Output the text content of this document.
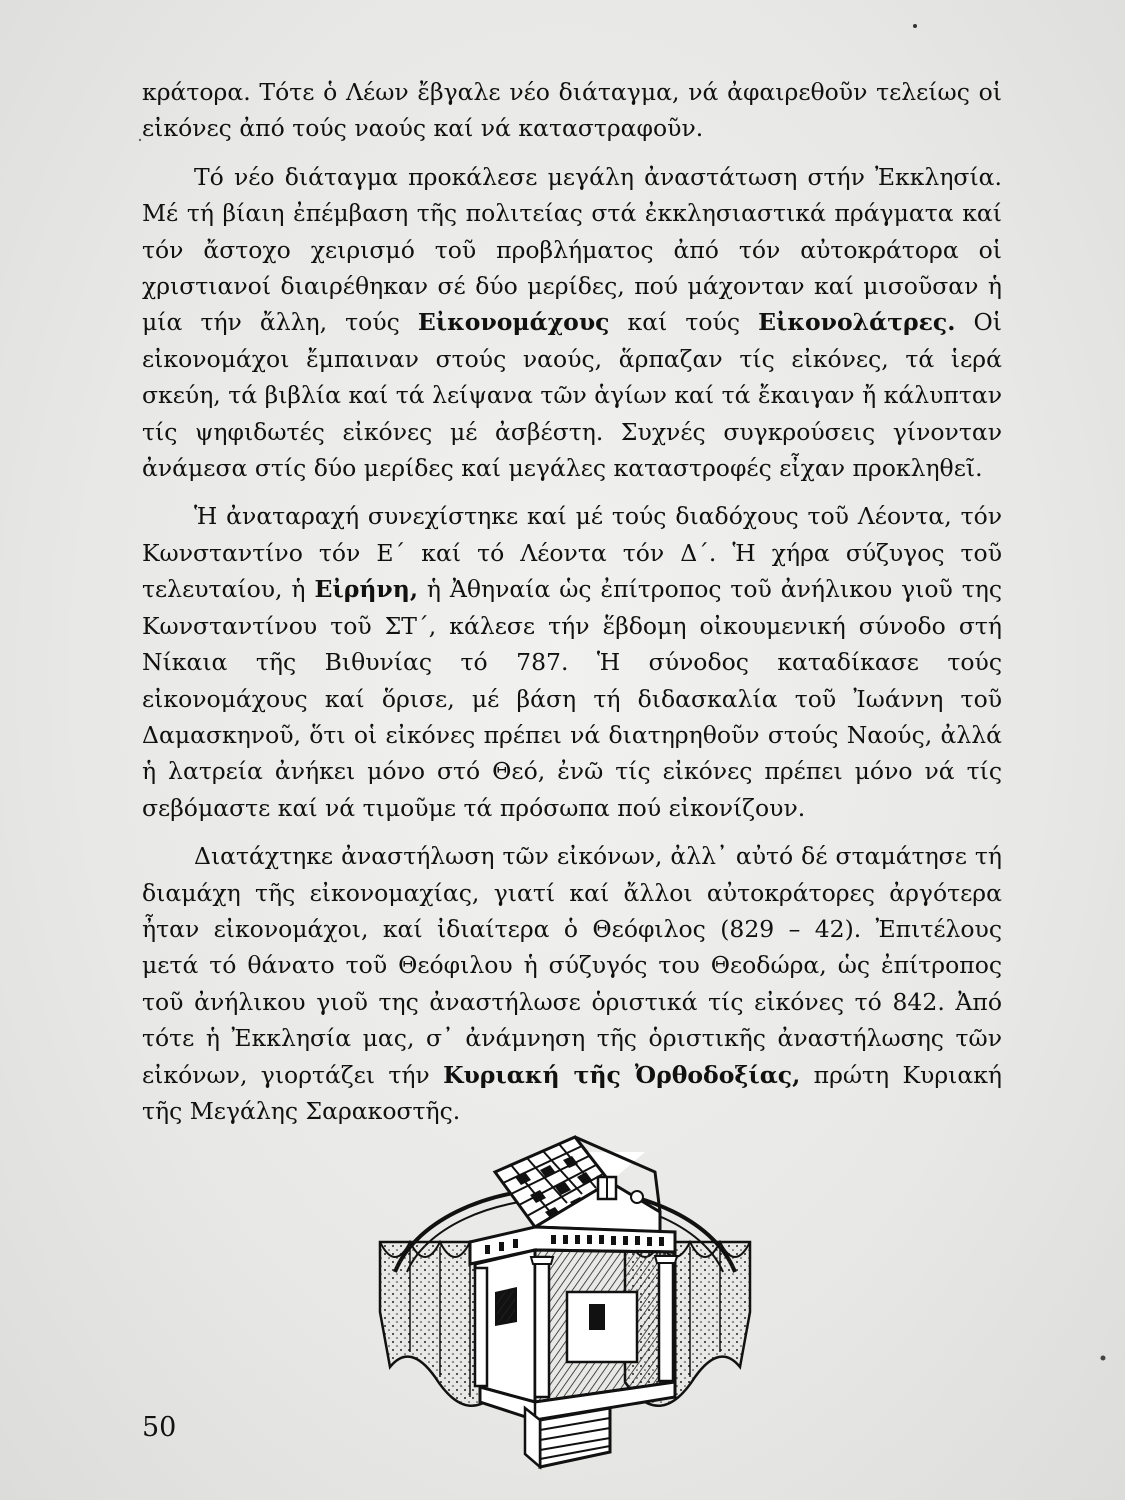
κράτορα. Τότε ὁ Λέων ἔβγαλε νέο διάταγμα, νά ἀφαιρεθοῦν τελείως οἱ εἰκόνες ἀπό τούς ναούς καί νά καταστραφοῦν.

Τό νέο διάταγμα προκάλεσε μεγάλη ἀναστάτωση στήν Ἐκκλησία. Μέ τή βίαιη ἐπέμβαση τῆς πολιτείας στά ἐκκλησιαστικά πράγματα καί τόν ἄστοχο χειρισμό τοῦ προβλήματος ἀπό τόν αὐτοκράτορα οἱ χριστιανοί διαιρέθηκαν σέ δύο μερίδες, πού μάχονταν καί μισοῦσαν ἡ μία τήν ἄλλη, τούς Εἰκονομάχους καί τούς Εἰκονολάτρες. Οἱ εἰκονομάχοι ἔμπαιναν στούς ναούς, ἅρπαζαν τίς εἰκόνες, τά ἱερά σκεύη, τά βιβλία καί τά λείψανα τῶν ἁγίων καί τά ἔκαιγαν ἤ κάλυπταν τίς ψηφιδωτές εἰκόνες μέ ἀσβέστη. Συχνές συγκρούσεις γίνονταν ἀνάμεσα στίς δύο μερίδες καί μεγάλες καταστροφές εἶχαν προκληθεῖ.

Ἡ ἀναταραχή συνεχίστηκε καί μέ τούς διαδόχους τοῦ Λέοντα, τόν Κωνσταντίνο τόν Ε΄ καί τό Λέοντα τόν Δ΄. Ἡ χήρα σύζυγος τοῦ τελευταίου, ἡ Εἰρήνη, ἡ Ἀθηναία ὡς ἐπίτροπος τοῦ ἀνήλικου γιοῦ της Κωνσταντίνου τοῦ ΣΤ΄, κάλεσε τήν ἕβδομη οἰκουμενική σύνοδο στή Νίκαια τῆς Βιθυνίας τό 787. Ἡ σύνοδος καταδίκασε τούς εἰκονομάχους καί ὅρισε, μέ βάση τή διδασκαλία τοῦ Ἰωάννη τοῦ Δαμασκηνοῦ, ὅτι οἱ εἰκόνες πρέπει νά διατηρηθοῦν στούς Ναούς, ἀλλά ἡ λατρεία ἀνήκει μόνο στό Θεό, ἐνῶ τίς εἰκόνες πρέπει μόνο νά τίς σεβόμαστε καί νά τιμοῦμε τά πρόσωπα πού εἰκονίζουν.

Διατάχτηκε ἀναστήλωση τῶν εἰκόνων, ἀλλ᾽ αὐτό δέ σταμάτησε τή διαμάχη τῆς εἰκονομαχίας, γιατί καί ἄλλοι αὐτοκράτορες ἀργότερα ἦταν εἰκονομάχοι, καί ἰδιαίτερα ὁ Θεόφιλος (829 – 42). Ἐπιτέλους μετά τό θάνατο τοῦ Θεόφιλου ἡ σύζυγός του Θεοδώρα, ὡς ἐπίτροπος τοῦ ἀνήλικου γιοῦ της ἀναστήλωσε ὁριστικά τίς εἰκόνες τό 842. Ἀπό τότε ἡ Ἐκκλησία μας, σ᾽ ἀνάμνηση τῆς ὁριστικῆς ἀναστήλωσης τῶν εἰκόνων, γιορτάζει τήν Κυριακή τῆς Ὀρθοδοξίας, πρώτη Κυριακή τῆς Μεγάλης Σαρακοστῆς.

50
